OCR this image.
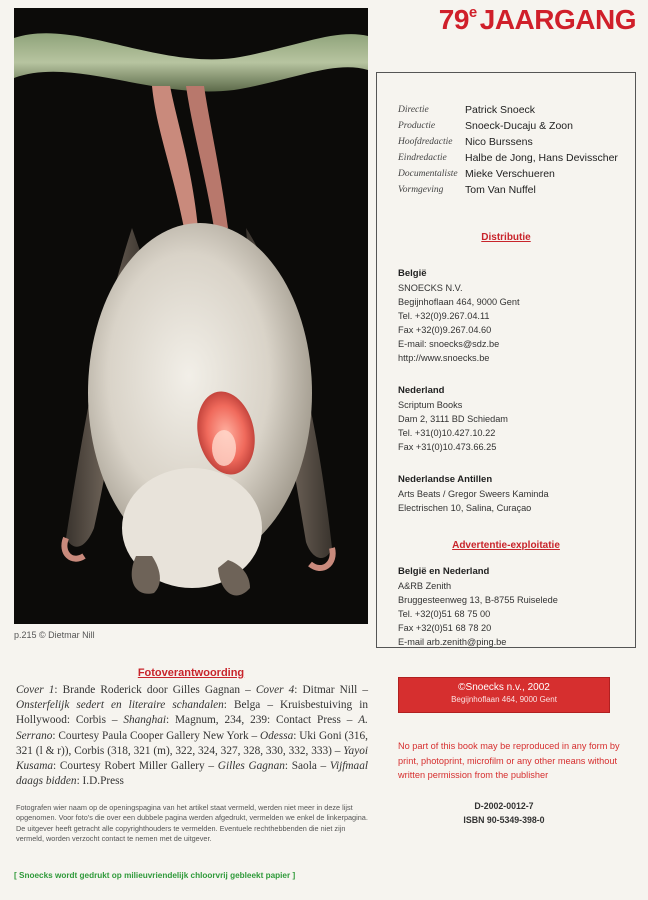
p.215 © Dietmar Nill
Fotoverantwoording
Cover 1: Brande Roderick door Gilles Gagnan – Cover 4: Ditmar Nill – Onsterfelijk sedert en literaire schandalen: Belga – Kruisbestuiving in Hollywood: Corbis – Shanghai: Magnum, 234, 239: Contact Press – A. Serrano: Courtesy Paula Cooper Gallery New York – Odessa: Uki Goni (316, 321 (l & r)), Corbis (318, 321 (m), 322, 324, 327, 328, 330, 332, 333) – Yayoi Kusama: Courtesy Robert Miller Gallery – Gilles Gagnan: Saola – Vijfmaal daags bidden: I.D.Press
Fotografen wier naam op de openingspagina van het artikel staat vermeld, werden niet meer in deze lijst opgenomen. Voor foto's die over een dubbele pagina werden afgedrukt, vermelden we enkel de linkerpagina. De uitgever heeft getracht alle copyrighthouders te vermelden. Eventuele rechthebbenden die niet zijn vermeld, worden verzocht contact te nemen met de uitgever.
[ Snoecks wordt gedrukt op milieuvriendelijk chloorvrij gebleekt papier ]
79e JAARGANG
Directie	Patrick Snoeck
Productie	Snoeck-Ducaju & Zoon
Hoofdredactie	Nico Burssens
Eindredactie	Halbe de Jong, Hans Devisscher
Documentaliste Mieke Verschueren
Vormgeving	Tom Van Nuffel
Distributie
België
SNOECKS N.V.
Begijnhoflaan 464, 9000 Gent
Tel. +32(0)9.267.04.11
Fax +32(0)9.267.04.60
E-mail: snoecks@sdz.be
http://www.snoecks.be
Nederland
Scriptum Books
Dam 2, 3111 BD Schiedam
Tel. +31(0)10.427.10.22
Fax +31(0)10.473.66.25
Nederlandse Antillen
Arts Beats / Gregor Sweers Kaminda
Electrischen 10, Salina, Curaçao
Advertentie-exploitatie
België en Nederland
A&RB Zenith
Bruggesteenweg 13, B-8755 Ruiselede
Tel. +32(0)51 68 75 00
Fax +32(0)51 68 78 20
E-mail arb.zenith@ping.be
©Snoecks n.v., 2002
Begijnhoflaan 464, 9000 Gent
No part of this book may be reproduced in any form by print, photoprint, microfilm or any other means without written permission from the publisher
D-2002-0012-7
ISBN 90-5349-398-0
